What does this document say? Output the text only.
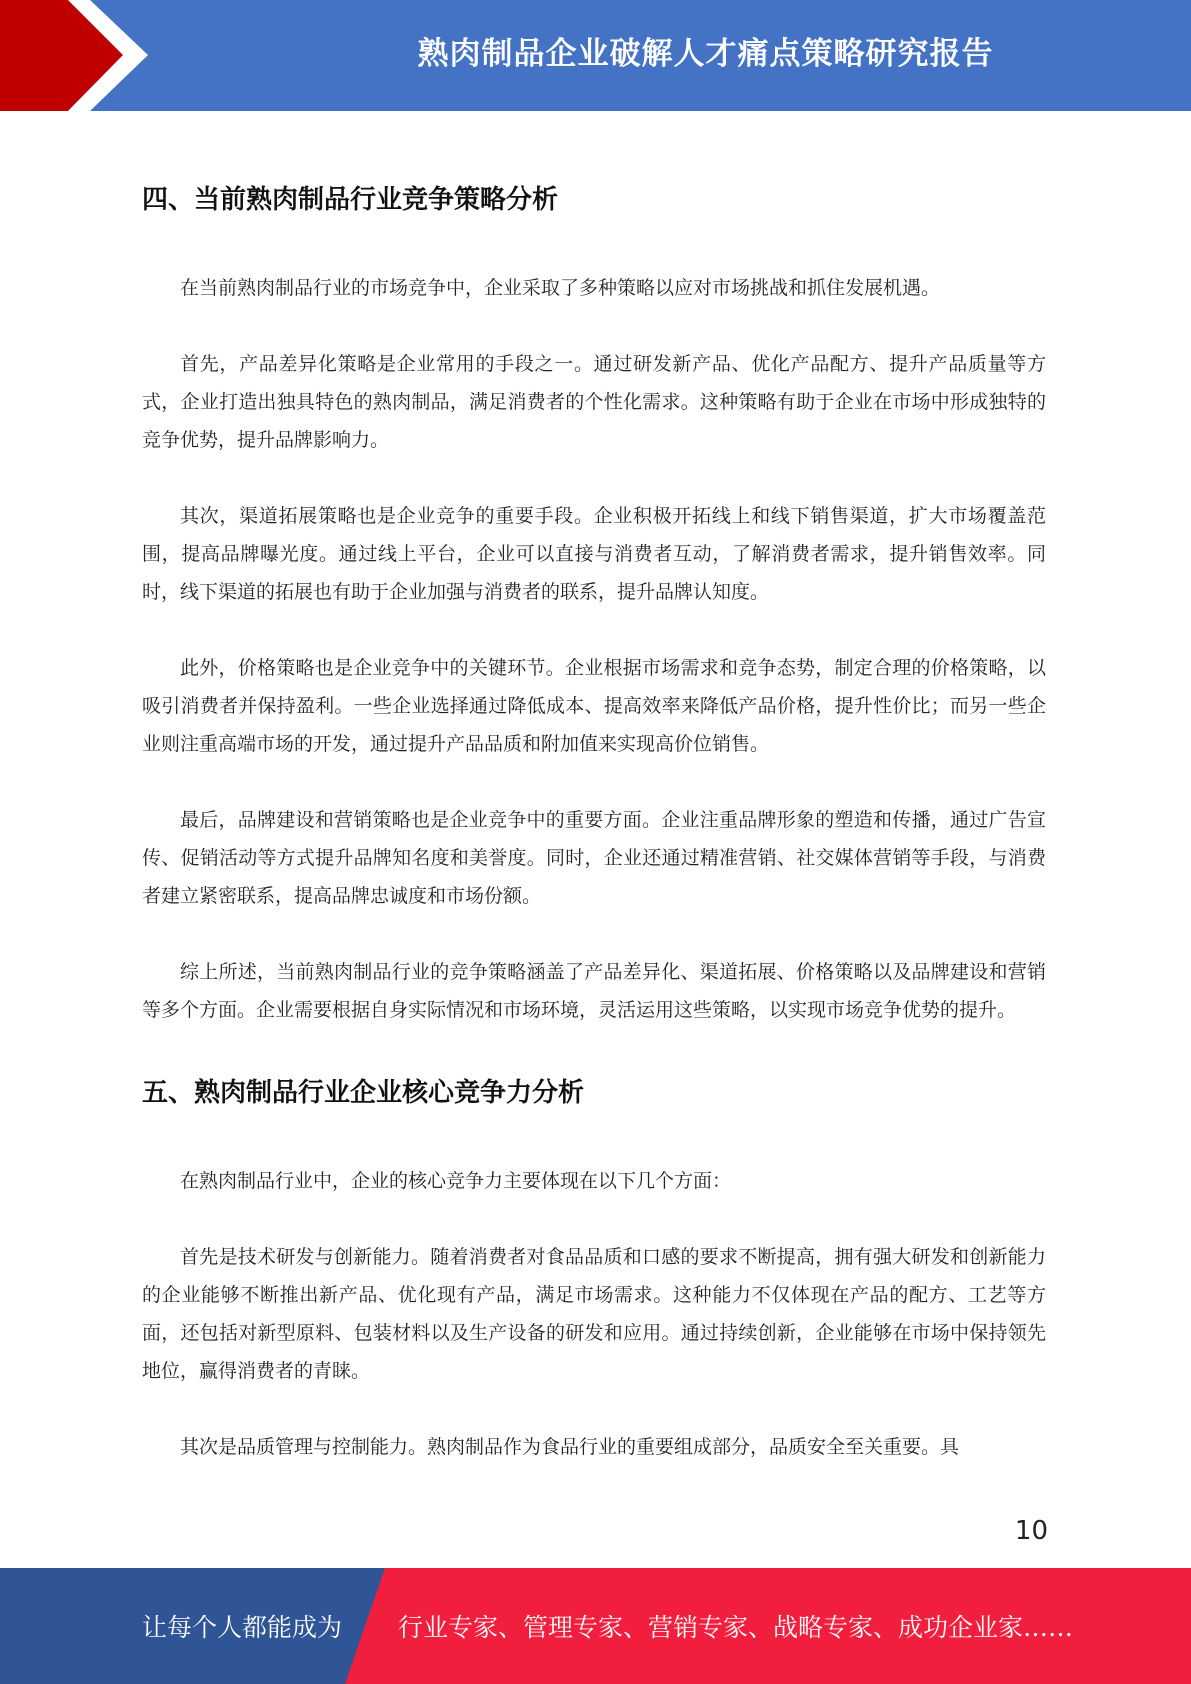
熟肉制品企业破解人才痛点策略研究报告
四、当前熟肉制品行业竞争策略分析

在当前熟肉制品行业的市场竞争中，企业采取了多种策略以应对市场挑战和抓住发展机遇。

首先，产品差异化策略是企业常用的手段之一。通过研发新产品、优化产品配方、提升产品质量等方式，企业打造出独具特色的熟肉制品，满足消费者的个性化需求。这种策略有助于企业在市场中形成独特的竞争优势，提升品牌影响力。

其次，渠道拓展策略也是企业竞争的重要手段。企业积极开拓线上和线下销售渠道，扩大市场覆盖范围，提高品牌曝光度。通过线上平台，企业可以直接与消费者互动，了解消费者需求，提升销售效率。同时，线下渠道的拓展也有助于企业加强与消费者的联系，提升品牌认知度。

此外，价格策略也是企业竞争中的关键环节。企业根据市场需求和竞争态势，制定合理的价格策略，以吸引消费者并保持盈利。一些企业选择通过降低成本、提高效率来降低产品价格，提升性价比；而另一些企业则注重高端市场的开发，通过提升产品品质和附加值来实现高价位销售。

最后，品牌建设和营销策略也是企业竞争中的重要方面。企业注重品牌形象的塑造和传播，通过广告宣传、促销活动等方式提升品牌知名度和美誉度。同时，企业还通过精准营销、社交媒体营销等手段，与消费者建立紧密联系，提高品牌忠诚度和市场份额。

综上所述，当前熟肉制品行业的竞争策略涵盖了产品差异化、渠道拓展、价格策略以及品牌建设和营销等多个方面。企业需要根据自身实际情况和市场环境，灵活运用这些策略，以实现市场竞争优势的提升。

五、熟肉制品行业企业核心竞争力分析

在熟肉制品行业中，企业的核心竞争力主要体现在以下几个方面：

首先是技术研发与创新能力。随着消费者对食品品质和口感的要求不断提高，拥有强大研发和创新能力的企业能够不断推出新产品、优化现有产品，满足市场需求。这种能力不仅体现在产品的配方、工艺等方面，还包括对新型原料、包装材料以及生产设备的研发和应用。通过持续创新，企业能够在市场中保持领先地位，赢得消费者的青睐。

其次是品质管理与控制能力。熟肉制品作为食品行业的重要组成部分，品质安全至关重要。具

10
让每个人都能成为 行业专家、管理专家、营销专家、战略专家、成功企业家……
